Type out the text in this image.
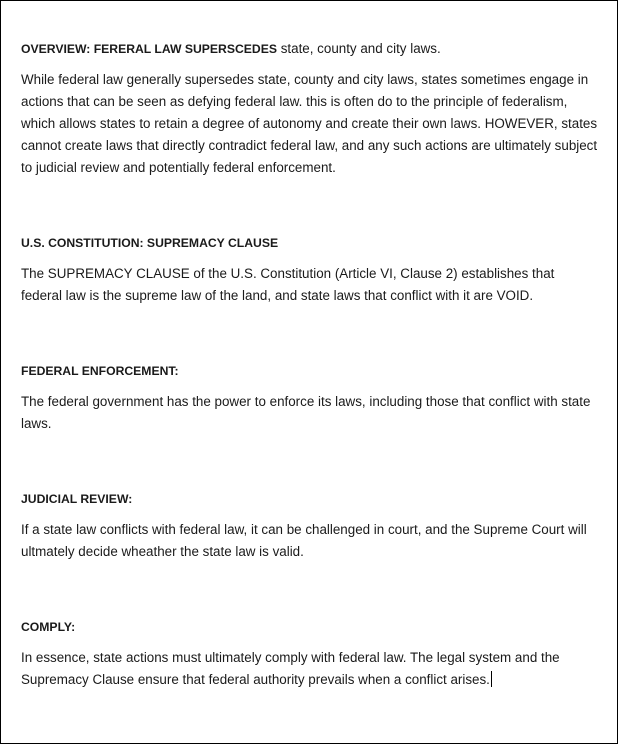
OVERVIEW: FERERAL LAW SUPERSCEDES state, county and city laws.

While federal law generally supersedes state, county and city laws, states sometimes engage in actions that can be seen as defying federal law. this is often do to the principle of federalism, which allows states to retain a degree of autonomy and create their own laws. HOWEVER, states cannot create laws that directly contradict federal law, and any such actions are ultimately subject to judicial review and potentially federal enforcement.

U.S. CONSTITUTION: SUPREMACY CLAUSE

The SUPREMACY CLAUSE of the U.S. Constitution (Article VI, Clause 2) establishes that federal law is the supreme law of the land, and state laws that conflict with it are VOID.

FEDERAL ENFORCEMENT:

The federal government has the power to enforce its laws, including those that conflict with state laws.

JUDICIAL REVIEW:

If a state law conflicts with federal law, it can be challenged in court, and the Supreme Court will ultmately decide wheather the state law is valid.

COMPLY:

In essence, state actions must ultimately comply with federal law. The legal system and the Supremacy Clause ensure that federal authority prevails when a conflict arises.
